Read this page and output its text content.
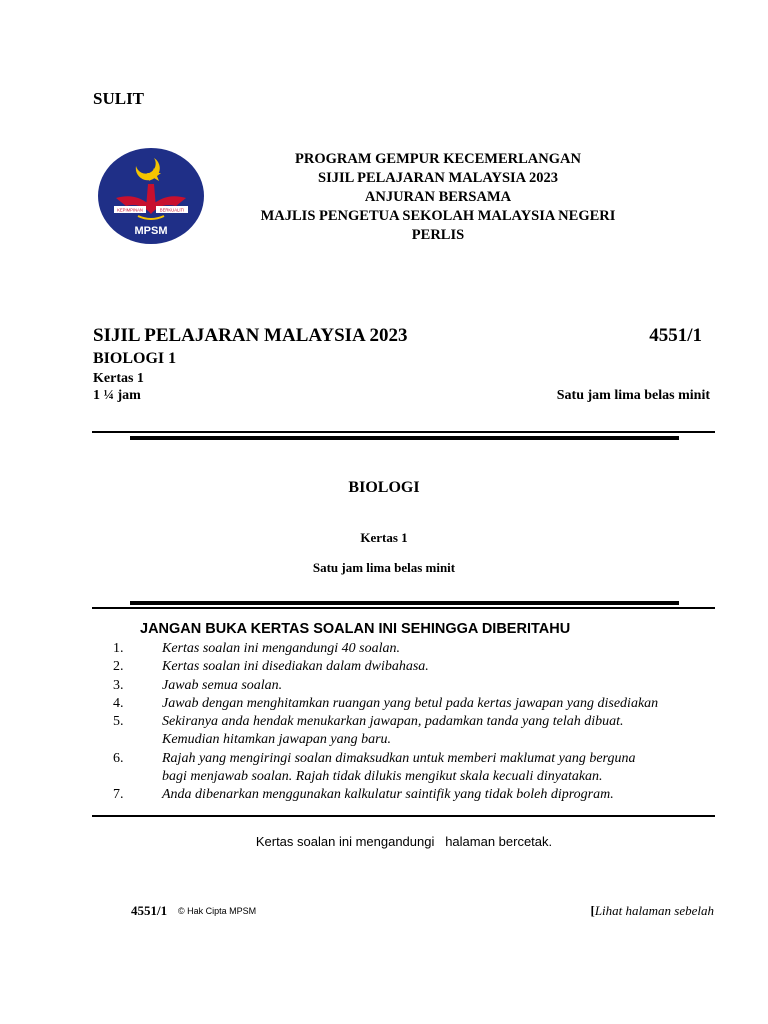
SULIT
KEPIMPINAN	BERKUALITI
MPSM
PROGRAM GEMPUR KECEMERLANGAN
SIJIL PELAJARAN MALAYSIA 2023
ANJURAN BERSAMA
MAJLIS PENGETUA SEKOLAH MALAYSIA NEGERI
PERLIS
SIJIL PELAJARAN MALAYSIA 2023	4551/1
BIOLOGI 1
Kertas 1
1 ¼ jam	Satu jam lima belas minit
BIOLOGI
Kertas 1
Satu jam lima belas minit
JANGAN BUKA KERTAS SOALAN INI SEHINGGA DIBERITAHU
1.	Kertas soalan ini mengandungi 40 soalan.
2.	Kertas soalan ini disediakan dalam dwibahasa.
3.	Jawab semua soalan.
4.	Jawab dengan menghitamkan ruangan yang betul pada kertas jawapan yang disediakan
5.	Sekiranya anda hendak menukarkan jawapan, padamkan tanda yang telah dibuat.
Kemudian hitamkan jawapan yang baru.
6.	Rajah yang mengiringi soalan dimaksudkan untuk memberi maklumat yang berguna
bagi menjawab soalan. Rajah tidak dilukis mengikut skala kecuali dinyatakan.
7.	Anda dibenarkan menggunakan kalkulatur saintifik yang tidak boleh diprogram.
Kertas soalan ini mengandungi   halaman bercetak.
4551/1 © Hak Cipta MPSM	[Lihat halaman sebelah
